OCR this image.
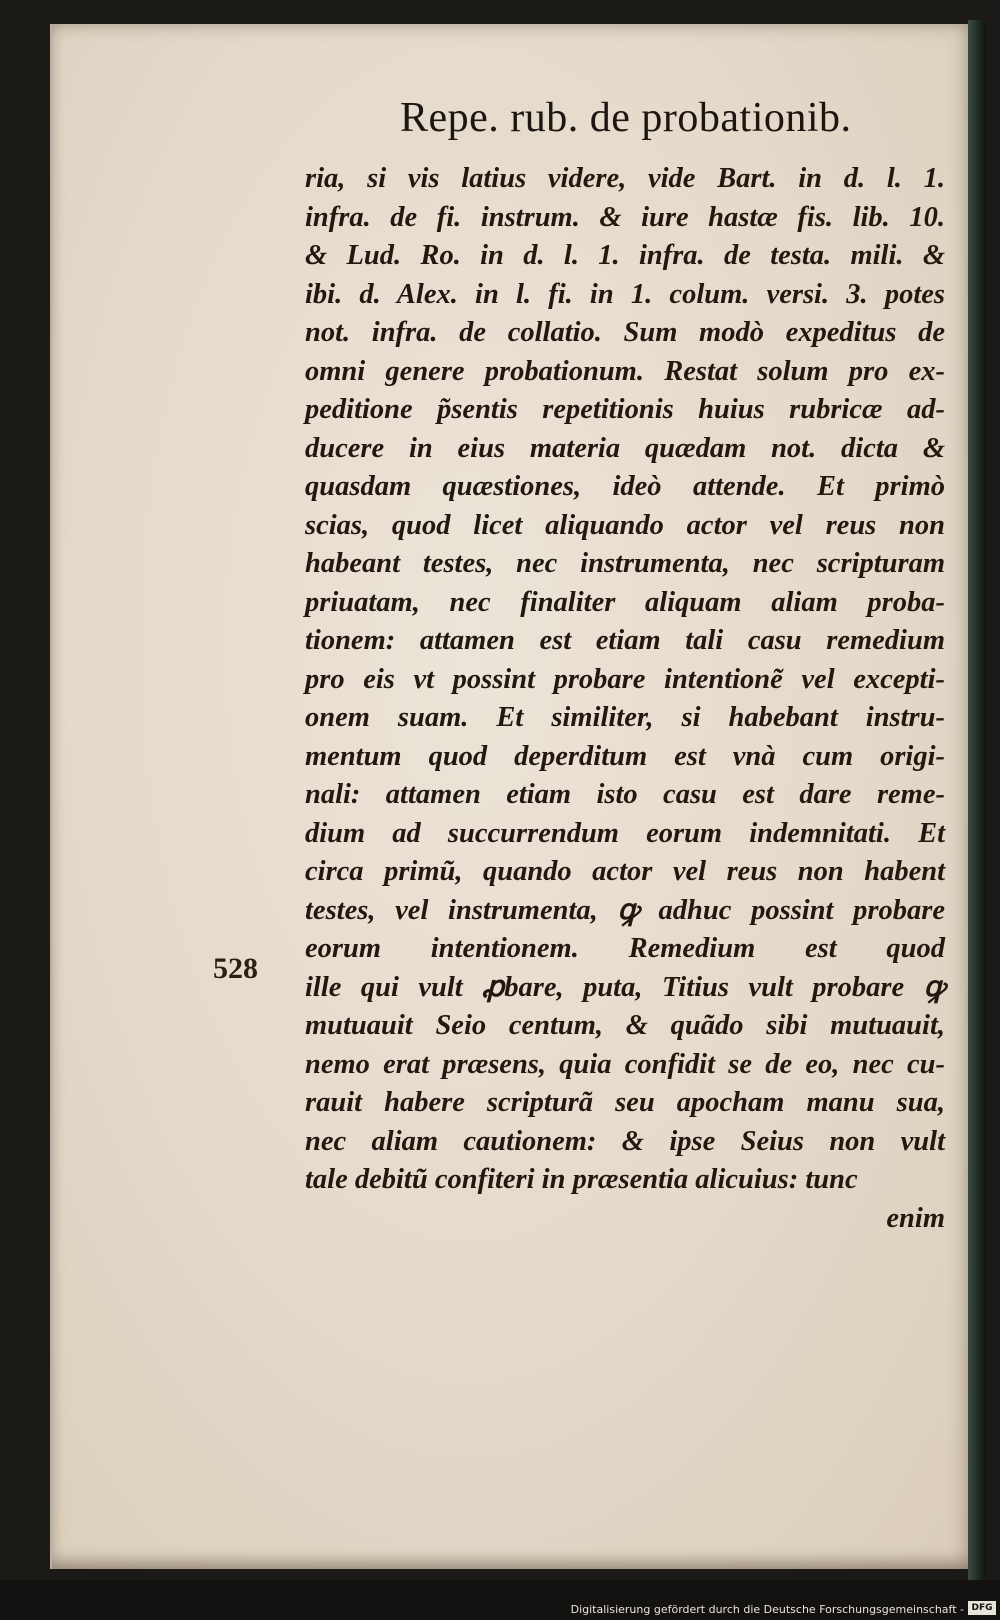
Repe. rub. de probationib.
528
ria, si vis latius videre, vide Bart. in d. l. 1.
infra. de fi. instrum. & iure hastæ fis. lib. 10.
& Lud. Ro. in d. l. 1. infra. de testa. mili. &
ibi. d. Alex. in l. fi. in 1. colum. versi. 3. potes
not. infra. de collatio. Sum modò expeditus de
omni genere probationum. Restat solum pro ex-
peditione p̃sentis repetitionis huius rubricæ ad-
ducere in eius materia quædam not. dicta &
quasdam quæstiones, ideò attende. Et primò
scias, quod licet aliquando actor vel reus non
habeant testes, nec instrumenta, nec scripturam
priuatam, nec finaliter aliquam aliam proba-
tionem: attamen est etiam tali casu remedium
pro eis vt possint probare intentionẽ vel excepti-
onem suam. Et similiter, si habebant instru-
mentum quod deperditum est vnà cum origi-
nali: attamen etiam isto casu est dare reme-
dium ad succurrendum eorum indemnitati. Et
circa primũ, quando actor vel reus non habent
testes, vel instrumenta, ꝙ adhuc possint probare
eorum intentionem. Remedium est quod
ille qui vult ꝓbare, puta, Titius vult probare ꝙ
mutuauit Seio centum, & quãdo sibi mutuauit,
nemo erat præsens, quia confidit se de eo, nec cu-
rauit habere scripturã seu apocham manu sua,
nec aliam cautionem: & ipse Seius non vult
tale debitũ confiteri in præsentia alicuius: tunc
enim
Digitalisierung gefördert durch die Deutsche Forschungsgemeinschaft - DFG
